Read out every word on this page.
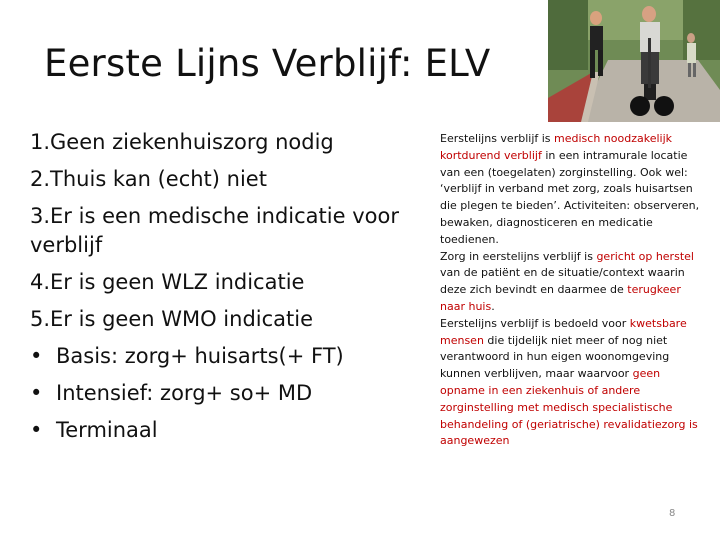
Eerste Lijns Verblijf: ELV
1.Geen ziekenhuiszorg nodig
2.Thuis kan (echt) niet
3.Er is een medische indicatie voor verblijf
4.Er is geen WLZ indicatie
5.Er is geen WMO indicatie
• Basis: zorg+ huisarts(+ FT)
• Intensief: zorg+ so+ MD
• Terminaal
Eerstelijns verblijf is medisch noodzakelijk kortdurend verblijf in een intramurale locatie van een (toegelaten) zorginstelling. Ook wel: ‘verblijf in verband met zorg, zoals huisartsen die plegen te bieden’. Activiteiten: observeren, bewaken, diagnosticeren en medicatie toedienen.
Zorg in eerstelijns verblijf is gericht op herstel van de patiënt en de situatie/context waarin deze zich bevindt en daarmee de terugkeer naar huis.
Eerstelijns verblijf is bedoeld voor kwetsbare mensen die tijdelijk niet meer of nog niet verantwoord in hun eigen woonomgeving kunnen verblijven, maar waarvoor geen opname in een ziekenhuis of andere zorginstelling met medisch specialistische behandeling of (geriatrische) revalidatiezorg is aangewezen
8
